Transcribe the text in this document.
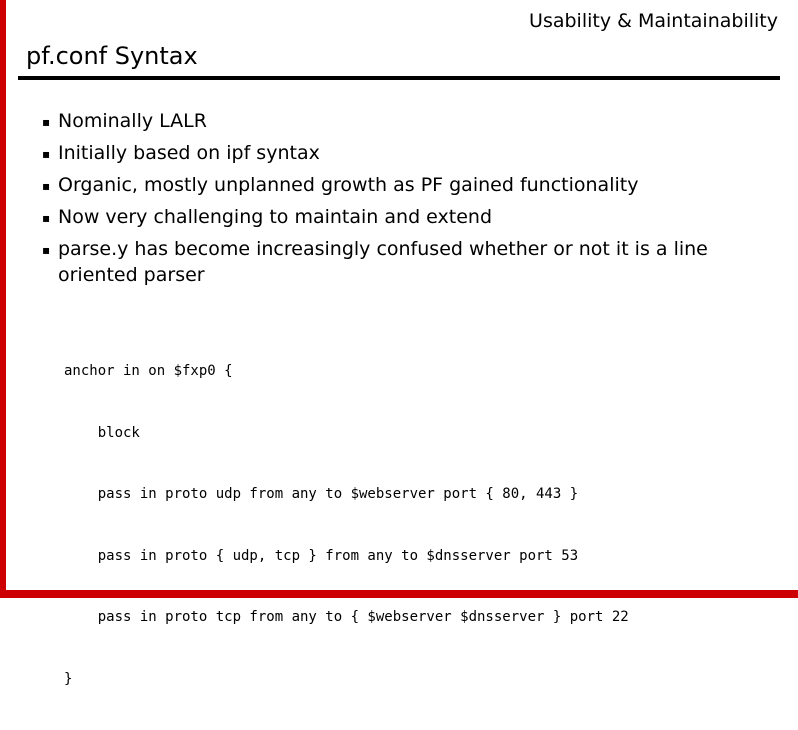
Usability & Maintainability
pf.conf Syntax
▪ Nominally LALR
▪ Initially based on ipf syntax
▪ Organic, mostly unplanned growth as PF gained functionality
▪ Now very challenging to maintain and extend
▪ parse.y has become increasingly confused whether or not it is a line oriented parser

anchor in on $fxp0 {

block

pass in proto udp from any to $webserver port { 80, 443 }

pass in proto { udp, tcp } from any to $dnsserver port 53

pass in proto tcp from any to { $webserver $dnsserver } port 22

}
